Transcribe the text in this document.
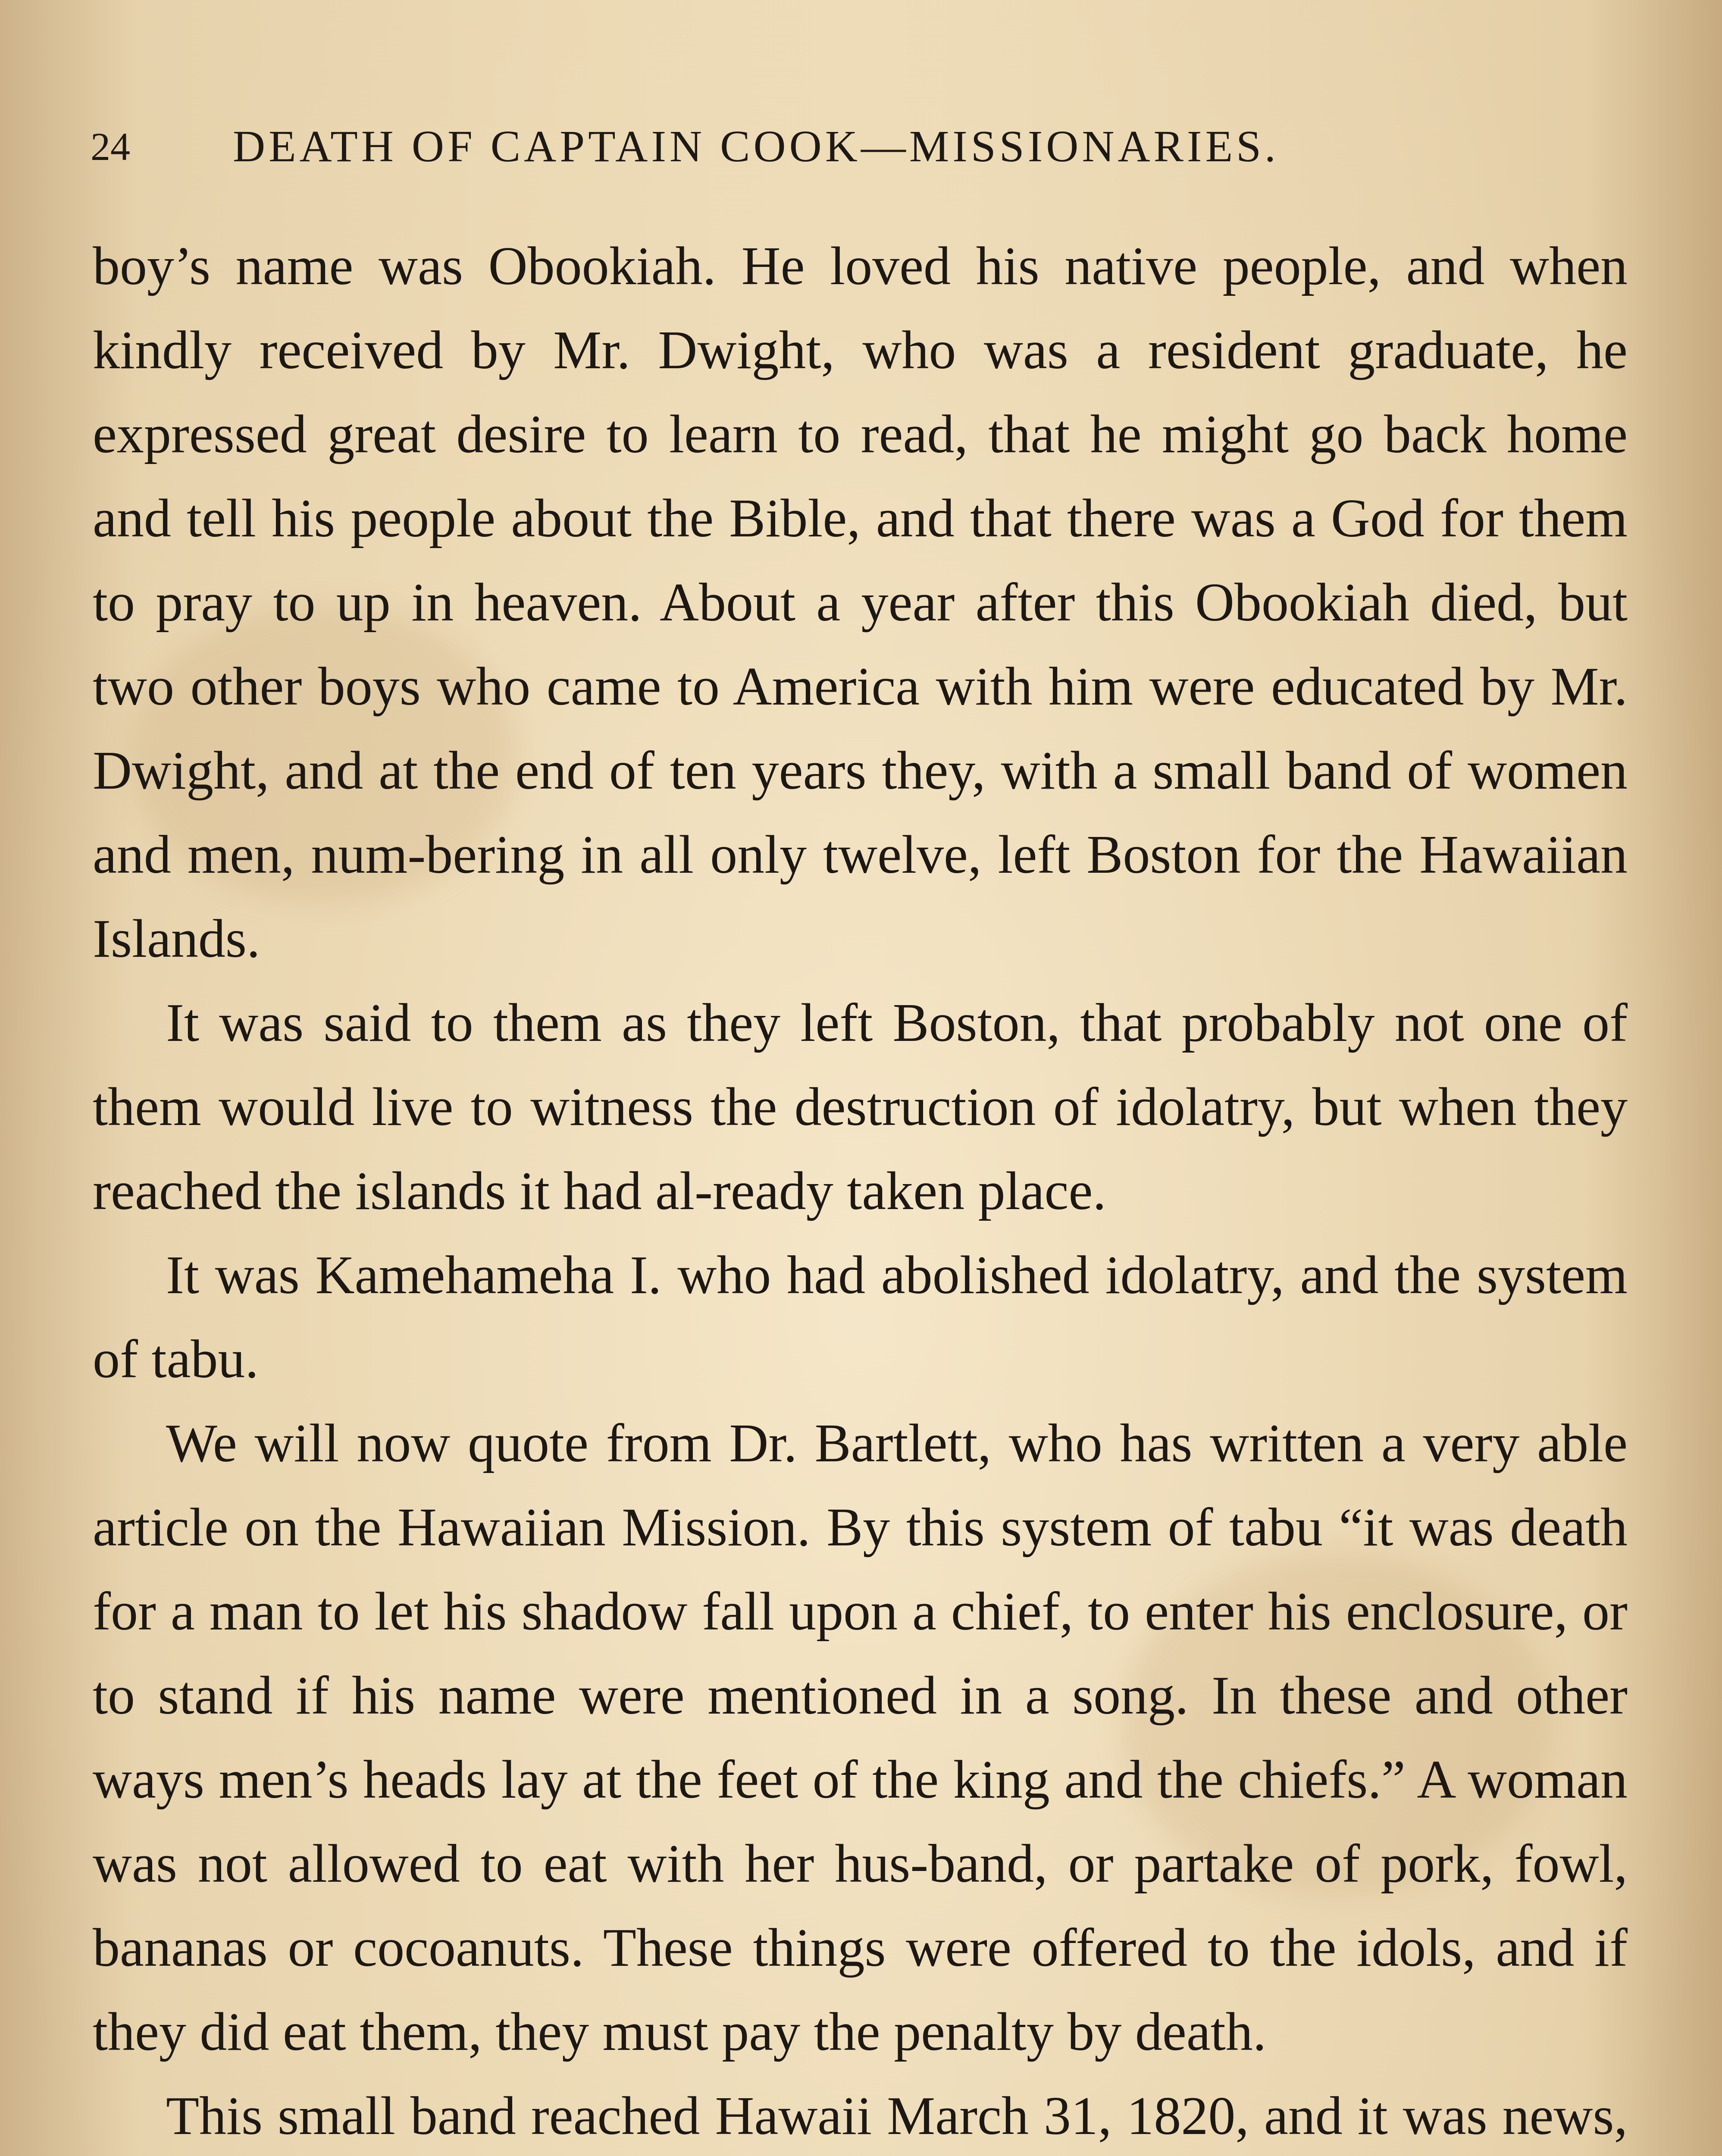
24 DEATH OF CAPTAIN COOK—MISSIONARIES.

boy’s name was Obookiah. He loved his native people, and when kindly received by Mr. Dwight, who was a resident graduate, he expressed great desire to learn to read, that he might go back home and tell his people about the Bible, and that there was a God for them to pray to up in heaven. About a year after this Obookiah died, but two other boys who came to America with him were educated by Mr. Dwight, and at the end of ten years they, with a small band of women and men, num-bering in all only twelve, left Boston for the Hawaiian Islands.

It was said to them as they left Boston, that probably not one of them would live to witness the destruction of idolatry, but when they reached the islands it had al-ready taken place.

It was Kamehameha I. who had abolished idolatry, and the system of tabu.

We will now quote from Dr. Bartlett, who has written a very able article on the Hawaiian Mission. By this system of tabu “it was death for a man to let his shadow fall upon a chief, to enter his enclosure, or to stand if his name were mentioned in a song. In these and other ways men’s heads lay at the feet of the king and the chiefs.” A woman was not allowed to eat with her hus-band, or partake of pork, fowl, bananas or cocoanuts. These things were offered to the idols, and if they did eat them, they must pay the penalty by death.

This small band reached Hawaii March 31, 1820, and it was news,
